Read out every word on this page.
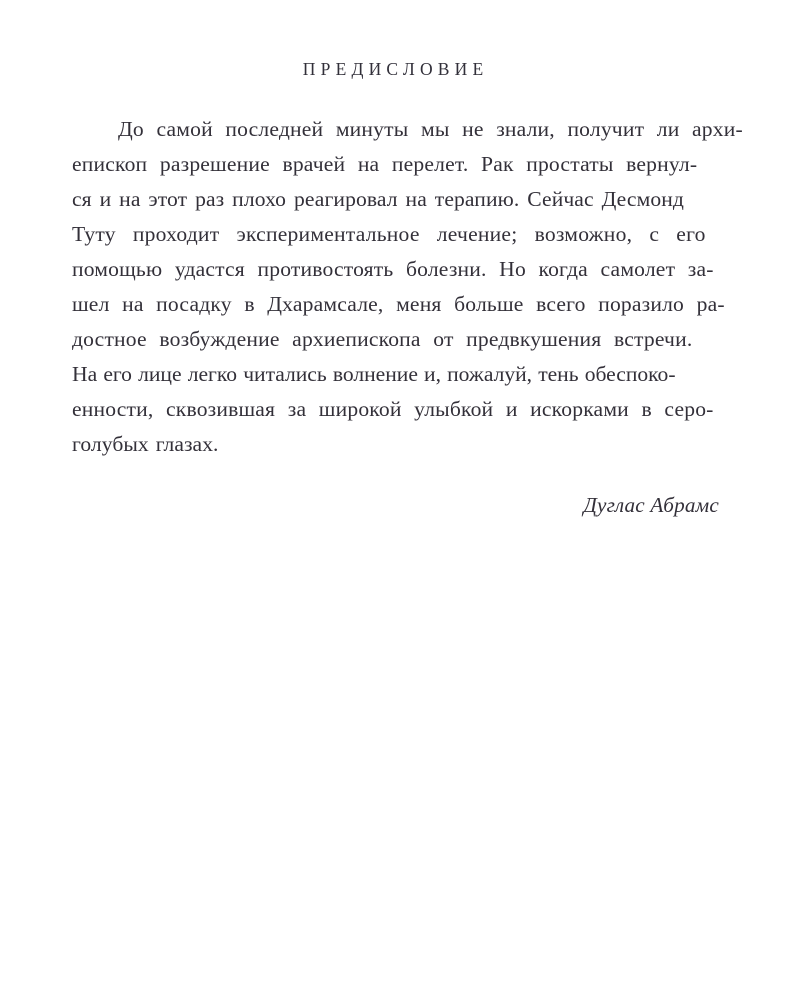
ПРЕДИСЛОВИЕ
До самой последней минуты мы не знали, получит ли архи-
епископ разрешение врачей на перелет. Рак простаты вернул-
ся и на этот раз плохо реагировал на терапию. Сейчас Десмонд
Туту проходит экспериментальное лечение; возможно, с его
помощью удастся противостоять болезни. Но когда самолет за-
шел на посадку в Дхарамсале, меня больше всего поразило ра-
достное возбуждение архиепископа от предвкушения встречи.
На его лице легко читались волнение и, пожалуй, тень обеспоко-
енности, сквозившая за широкой улыбкой и искорками в серо-
голубых глазах.
Дуглас Абрамс
